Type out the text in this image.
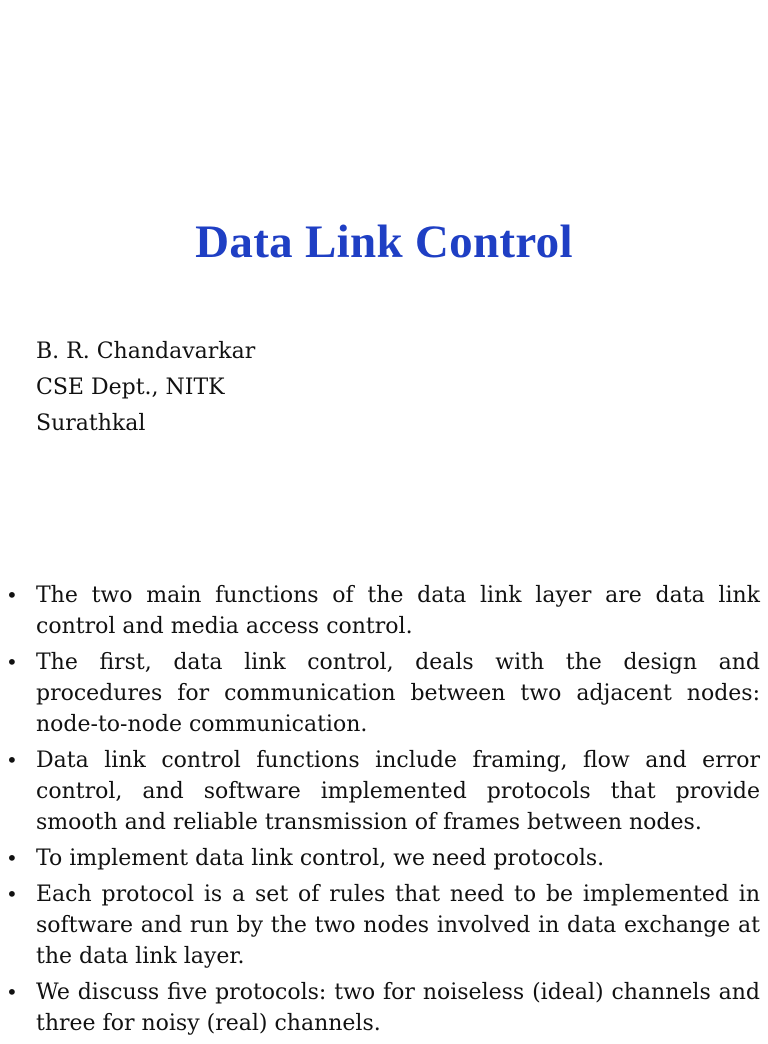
Data Link Control
B. R. Chandavarkar
CSE Dept., NITK
Surathkal
• The two main functions of the data link layer are data link control and media access control.
• The first, data link control, deals with the design and procedures for communication between two adjacent nodes: node-to-node communication.
• Data link control functions include framing, flow and error control, and software implemented protocols that provide smooth and reliable transmission of frames between nodes.
• To implement data link control, we need protocols.
• Each protocol is a set of rules that need to be implemented in software and run by the two nodes involved in data exchange at the data link layer.
• We discuss five protocols: two for noiseless (ideal) channels and three for noisy (real) channels.
